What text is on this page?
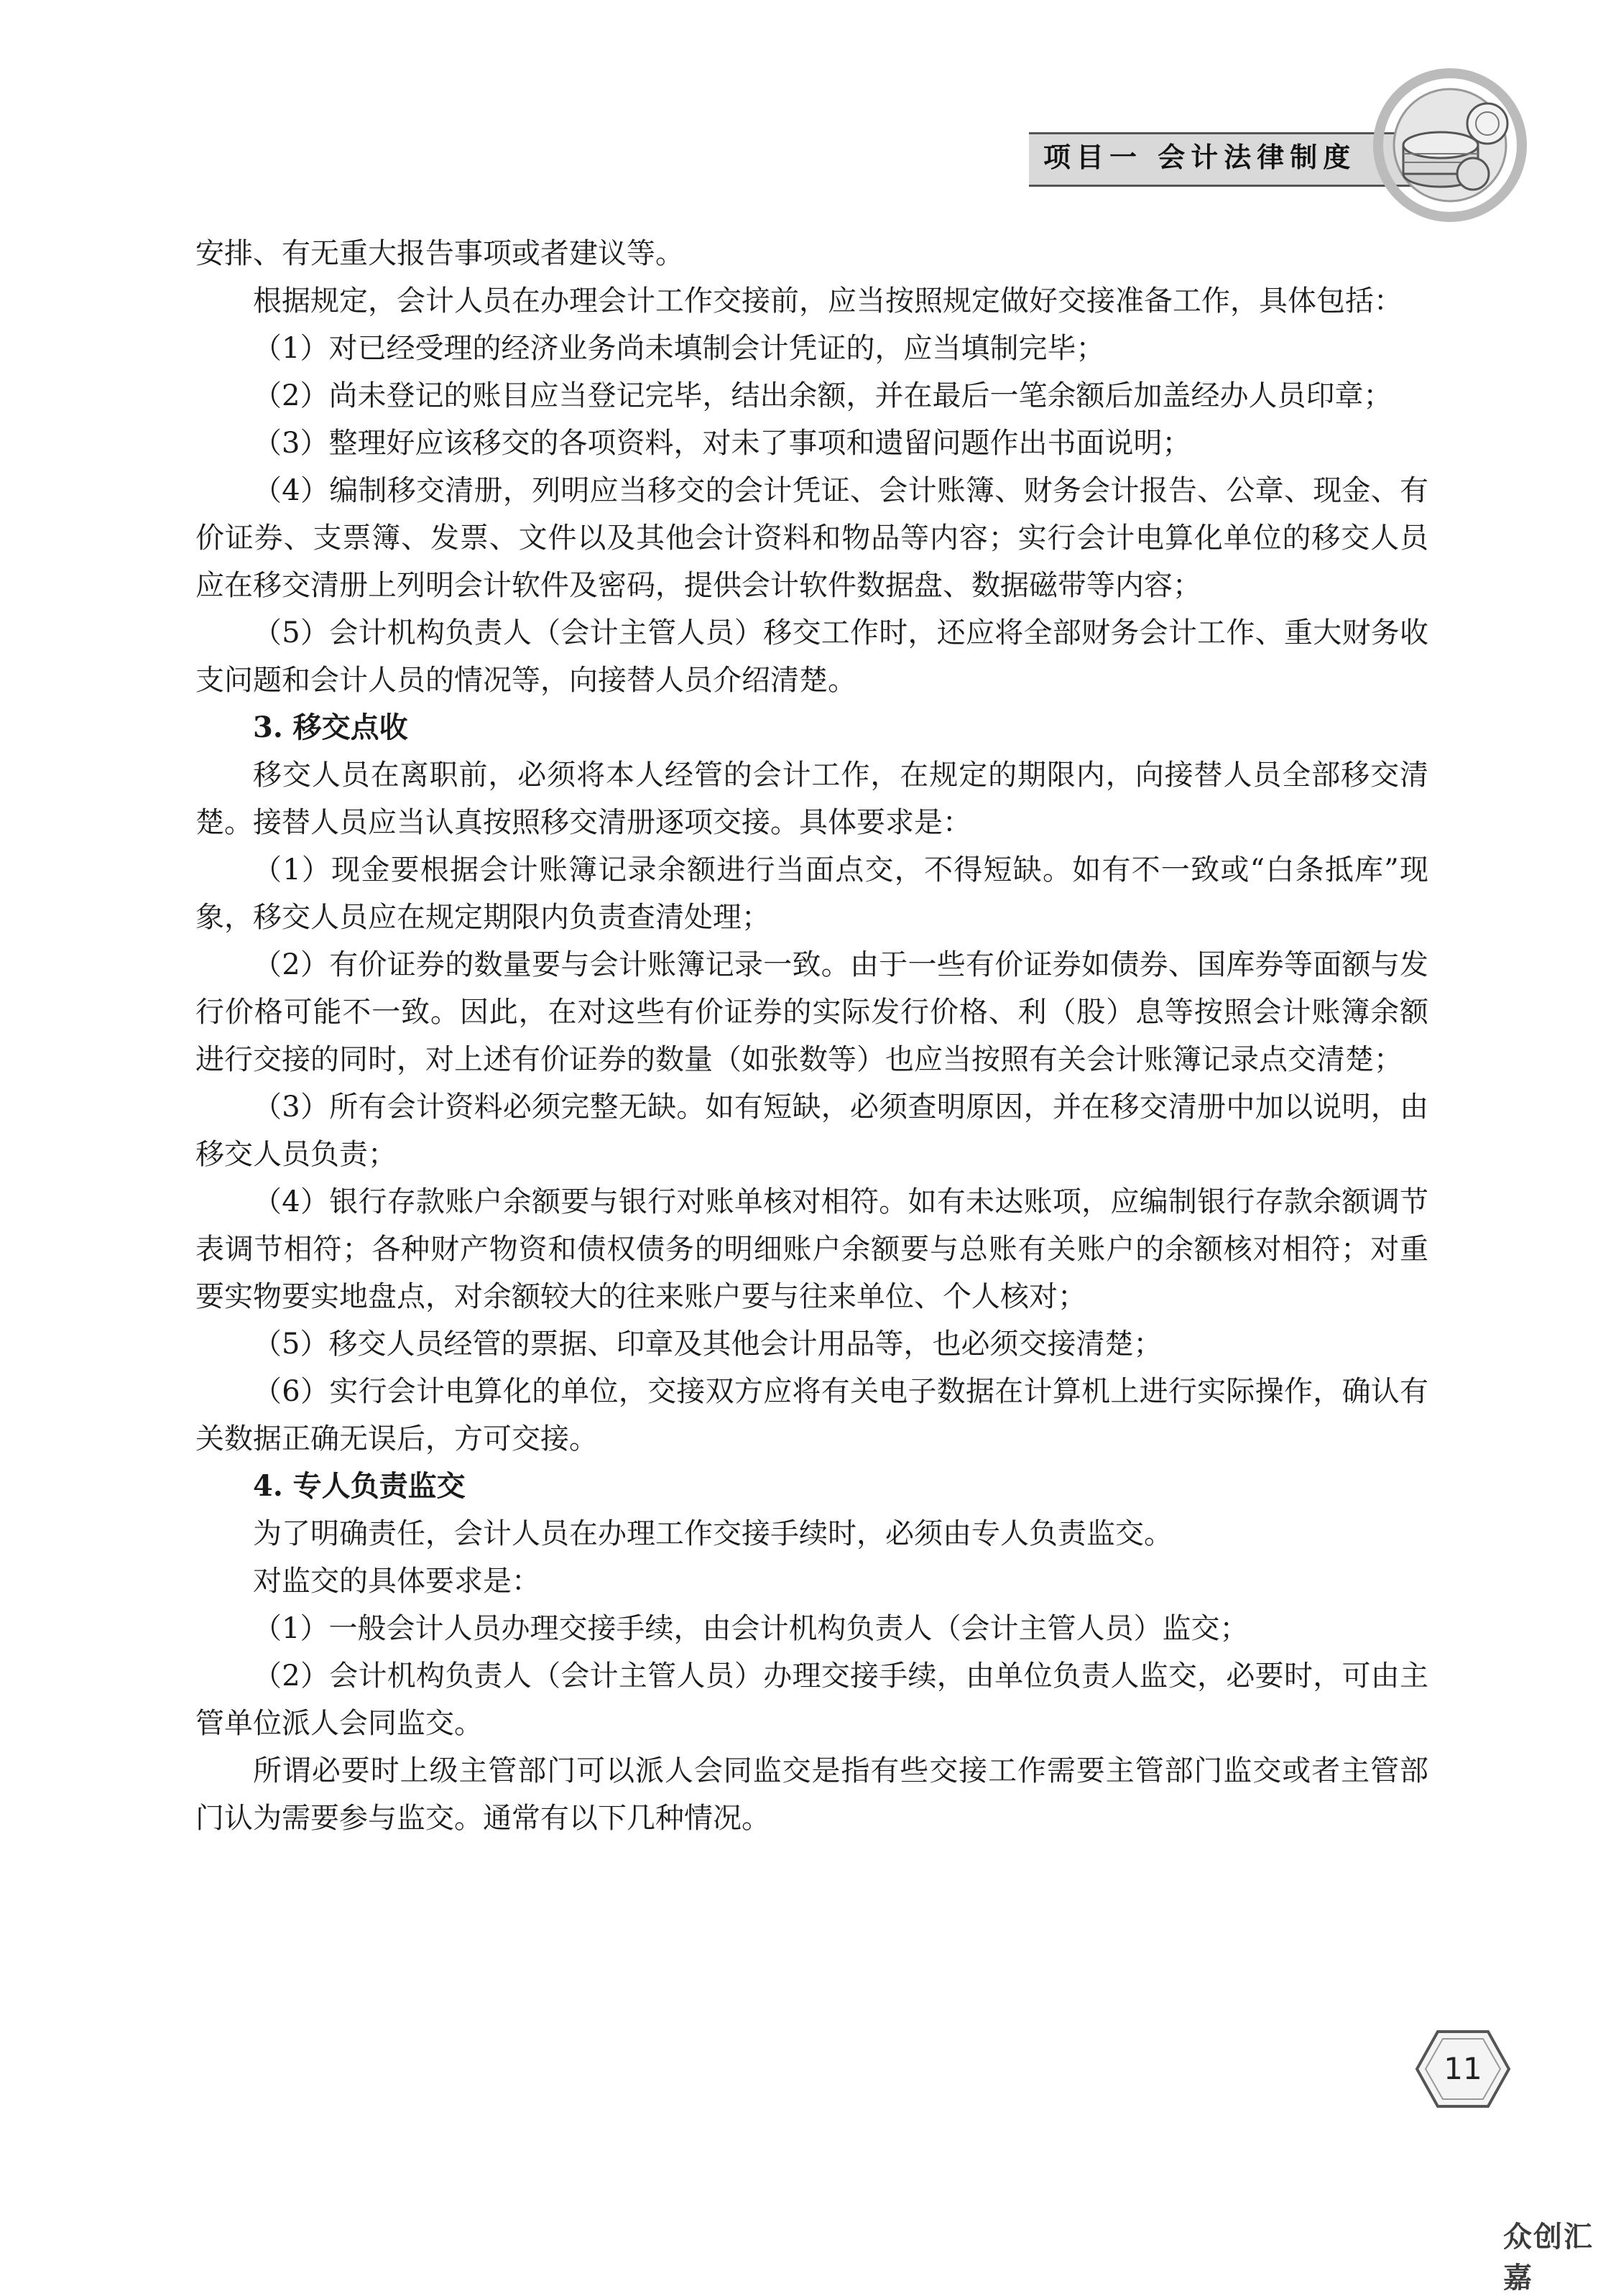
项目一 会计法律制度

安排、有无重大报告事项或者建议等。

根据规定，会计人员在办理会计工作交接前，应当按照规定做好交接准备工作，具体包括：

（1）对已经受理的经济业务尚未填制会计凭证的，应当填制完毕；

（2）尚未登记的账目应当登记完毕，结出余额，并在最后一笔余额后加盖经办人员印章；

（3）整理好应该移交的各项资料，对未了事项和遗留问题作出书面说明；

（4）编制移交清册，列明应当移交的会计凭证、会计账簿、财务会计报告、公章、现金、有价证券、支票簿、发票、文件以及其他会计资料和物品等内容；实行会计电算化单位的移交人员应在移交清册上列明会计软件及密码，提供会计软件数据盘、数据磁带等内容；

（5）会计机构负责人（会计主管人员）移交工作时，还应将全部财务会计工作、重大财务收支问题和会计人员的情况等，向接替人员介绍清楚。

3. 移交点收

移交人员在离职前，必须将本人经管的会计工作，在规定的期限内，向接替人员全部移交清楚。接替人员应当认真按照移交清册逐项交接。具体要求是：

（1）现金要根据会计账簿记录余额进行当面点交，不得短缺。如有不一致或“白条抵库”现象，移交人员应在规定期限内负责查清处理；

（2）有价证券的数量要与会计账簿记录一致。由于一些有价证券如债券、国库券等面额与发行价格可能不一致。因此，在对这些有价证券的实际发行价格、利（股）息等按照会计账簿余额进行交接的同时，对上述有价证券的数量（如张数等）也应当按照有关会计账簿记录点交清楚；

（3）所有会计资料必须完整无缺。如有短缺，必须查明原因，并在移交清册中加以说明，由移交人员负责；

（4）银行存款账户余额要与银行对账单核对相符。如有未达账项，应编制银行存款余额调节表调节相符；各种财产物资和债权债务的明细账户余额要与总账有关账户的余额核对相符；对重要实物要实地盘点，对余额较大的往来账户要与往来单位、个人核对；

（5）移交人员经管的票据、印章及其他会计用品等，也必须交接清楚；

（6）实行会计电算化的单位，交接双方应将有关电子数据在计算机上进行实际操作，确认有关数据正确无误后，方可交接。

4. 专人负责监交

为了明确责任，会计人员在办理工作交接手续时，必须由专人负责监交。

对监交的具体要求是：

（1）一般会计人员办理交接手续，由会计机构负责人（会计主管人员）监交；

（2）会计机构负责人（会计主管人员）办理交接手续，由单位负责人监交，必要时，可由主管单位派人会同监交。

所谓必要时上级主管部门可以派人会同监交是指有些交接工作需要主管部门监交或者主管部门认为需要参与监交。通常有以下几种情况。

11
众创汇嘉
